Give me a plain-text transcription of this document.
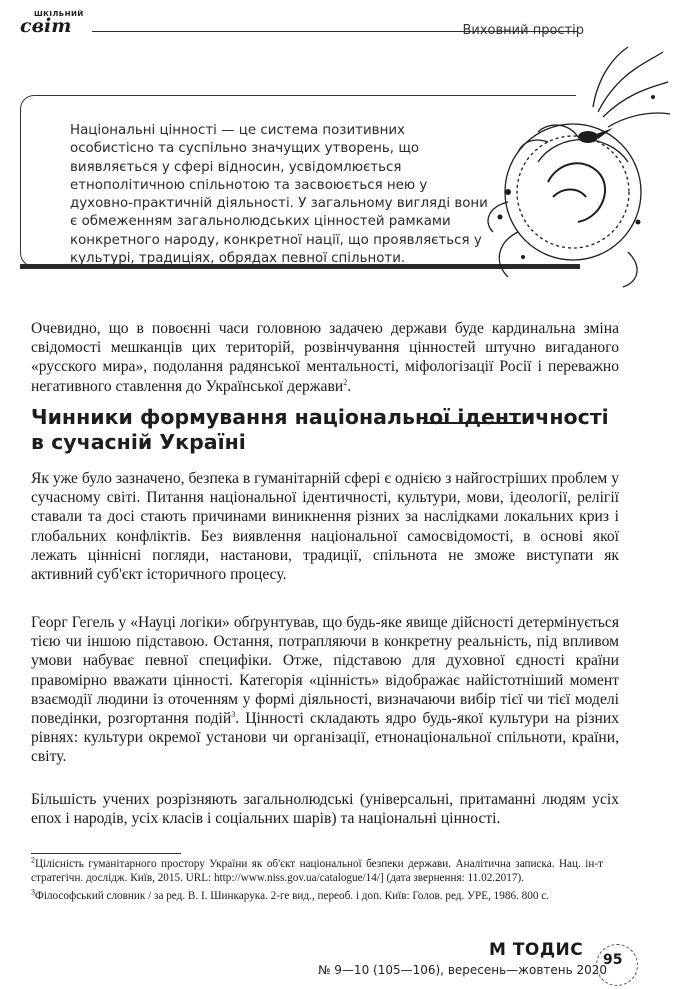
ШКІЛЬНИЙ
світ	Виховний простір
Національні цінності — це система позитивних особистісно та суспільно значущих утворень, що виявляється у сфері відносин, усвідомлюється етнополітичною спільнотою та засвоюється нею у духовно-практичній діяльності. У загальному вигляді вони є обмеженням загальнолюдських цінностей рамками конкретного народу, конкретної нації, що проявляється у культурі, традиціях, обрядах певної спільноти.

Очевидно, що в повоєнні часи головною задачею держави буде кардинальна зміна свідомості мешканців цих територій, розвінчування цінностей штучно вигаданого «русского мира», подолання радянської ментальності, міфологізації Росії і переважно негативного ставлення до Української держави$^2$.

Чинники формування національної ідентичності в сучасній Україні

Як уже було зазначено, безпека в гуманітарній сфері є однією з найгостріших проблем у сучасному світі. Питання національної ідентичності, культури, мови, ідеології, релігії ставали та досі стають причинами виникнення різних за наслідками локальних криз і глобальних конфліктів. Без виявлення національної самосвідомості, в основі якої лежать ціннісні погляди, настанови, традиції, спільнота не зможе виступати як активний суб'єкт історичного процесу.

Георг Гегель у «Науці логіки» обґрунтував, що будь-яке явище дійсності детермінується тією чи іншою підставою. Остання, потрапляючи в конкретну реальність, під впливом умови набуває певної специфіки. Отже, підставою для духовної єдності країни правомірно вважати цінності. Категорія «цінність» відображає найістотніший момент взаємодії людини із оточенням у формі діяльності, визначаючи вибір тієї чи тієї моделі поведінки, розгортання подій$^3$. Цінності складають ядро будь-якої культури на різних рівнях: культури окремої установи чи організації, етнонаціональної спільноти, країни, світу.

Більшість учених розрізняють загальнолюдські (універсальні, притаманні людям усіх епох і народів, усіх класів і соціальних шарів) та національні цінності.

$^2$Цілісність гуманітарного простору України як об'єкт національної безпеки держави. Аналітична записка. Нац. ін-т стратегічн. дослідж. Київ, 2015. URL: http://www.niss.gov.ua/catalogue/14/] (дата звернення: 11.02.2017).

$^3$Філософський словник / за ред. В. І. Шинкарука. 2-ге вид., переоб. і доп. Київ: Голов. ред. УРЕ, 1986. 800 с.

М ТОДИС
№ 9—10 (105—106), вересень—жовтень 2020
95
